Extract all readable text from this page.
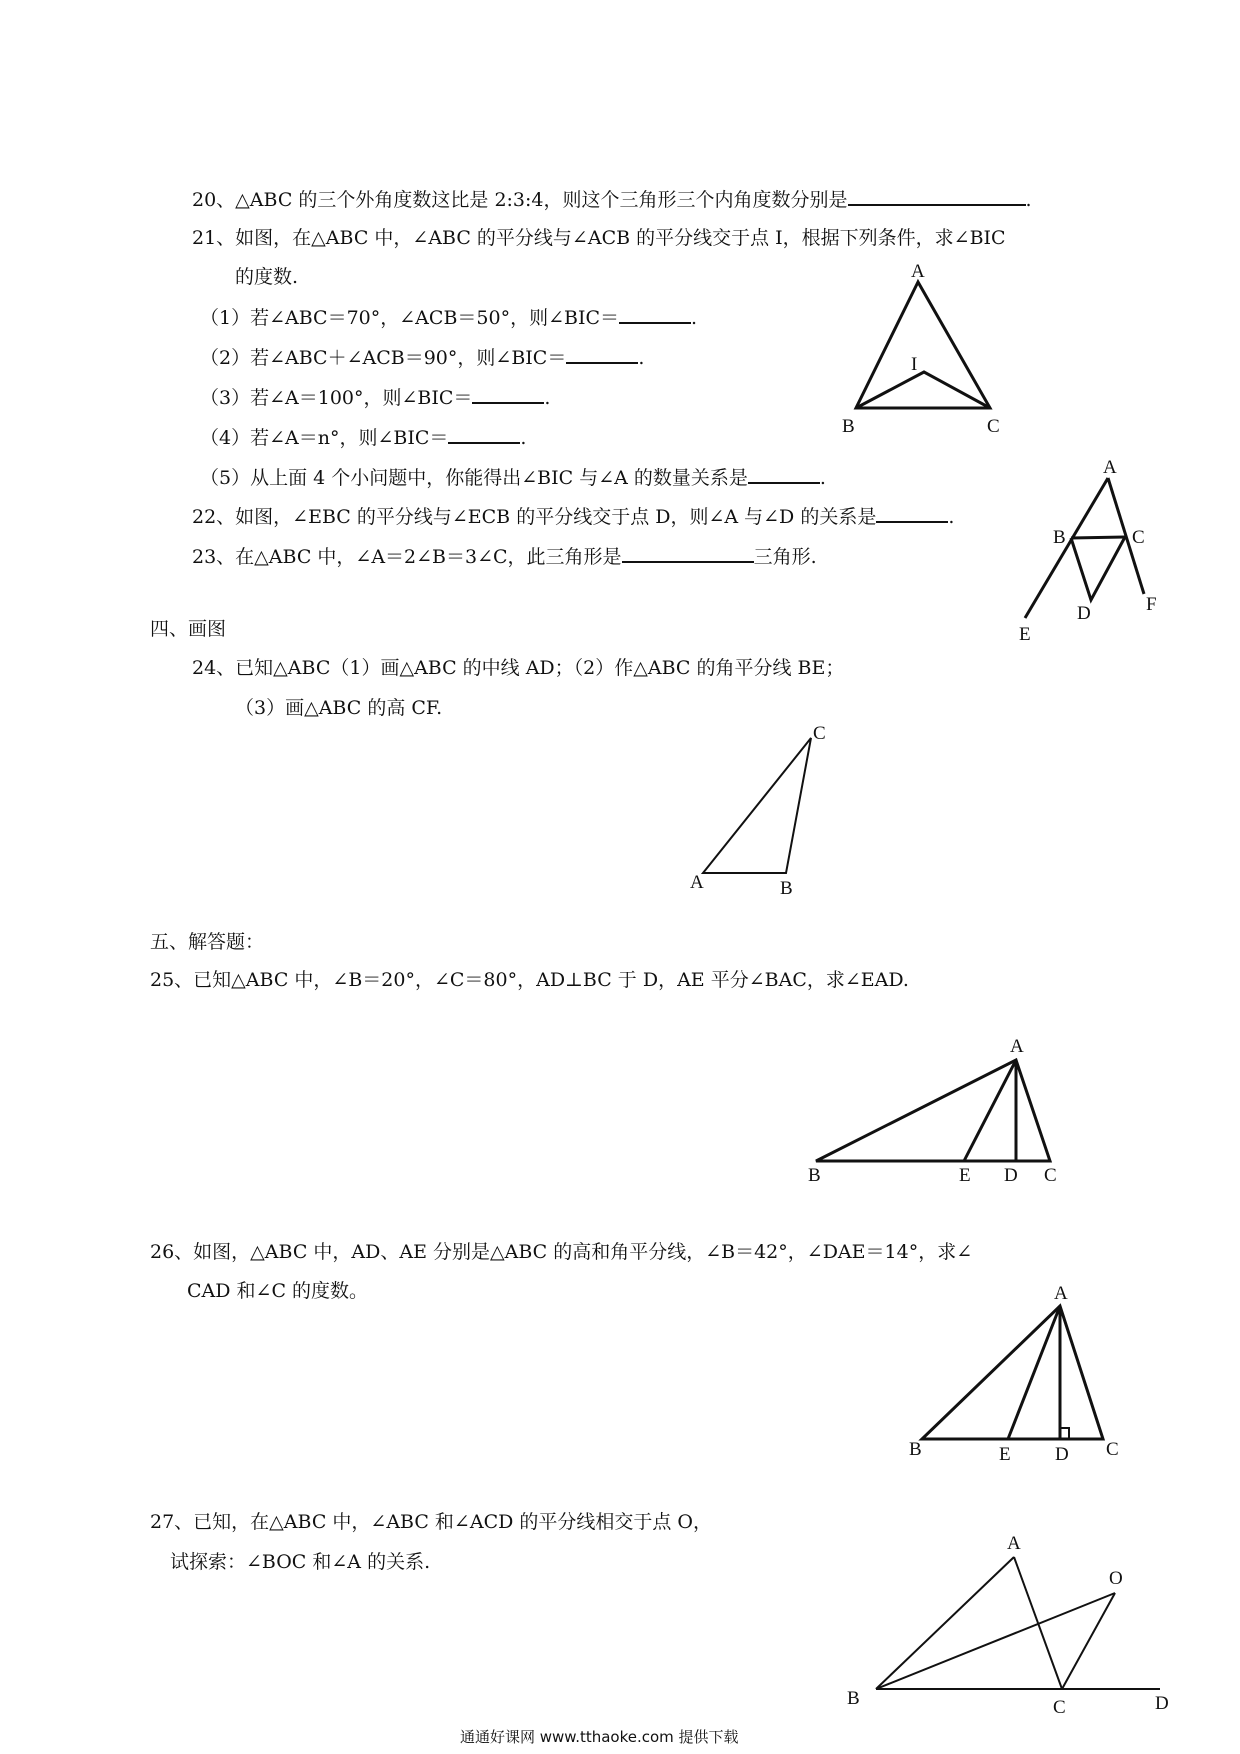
20、△ABC 的三个外角度数这比是 2:3:4，则这个三角形三个内角度数分别是	.
21、如图，在△ABC 中，∠ABC 的平分线与∠ACB 的平分线交于点 I，根据下列条件，求∠BIC
的度数.
（1）若∠ABC＝70°，∠ACB＝50°，则∠BIC＝	.
（2）若∠ABC＋∠ACB＝90°，则∠BIC＝	.
（3）若∠A＝100°，则∠BIC＝	.
（4）若∠A＝n°，则∠BIC＝	.
（5）从上面 4 个小问题中，你能得出∠BIC 与∠A 的数量关系是	.
22、如图，∠EBC 的平分线与∠ECB 的平分线交于点 D，则∠A 与∠D 的关系是	.
23、在△ABC 中，∠A＝2∠B＝3∠C，此三角形是	三角形.
四、画图
24、已知△ABC（1）画△ABC 的中线 AD；（2）作△ABC 的角平分线 BE；
（3）画△ABC 的高 CF.
五、解答题：
25、已知△ABC 中，∠B＝20°，∠C＝80°，AD⊥BC 于 D，AE 平分∠BAC，求∠EAD.
26、如图，△ABC 中，AD、AE 分别是△ABC 的高和角平分线，∠B＝42°，∠DAE＝14°，求∠
CAD 和∠C 的度数。
27、已知，在△ABC 中，∠ABC 和∠ACD 的平分线相交于点 O，
试探索：∠BOC 和∠A 的关系.
A
I
B	C
A
B	C
D
E
F
A	B
C
A
B	E D C
A
B	E D C
A
O
B	C	D
通通好课网 www.tthaoke.com 提供下载
